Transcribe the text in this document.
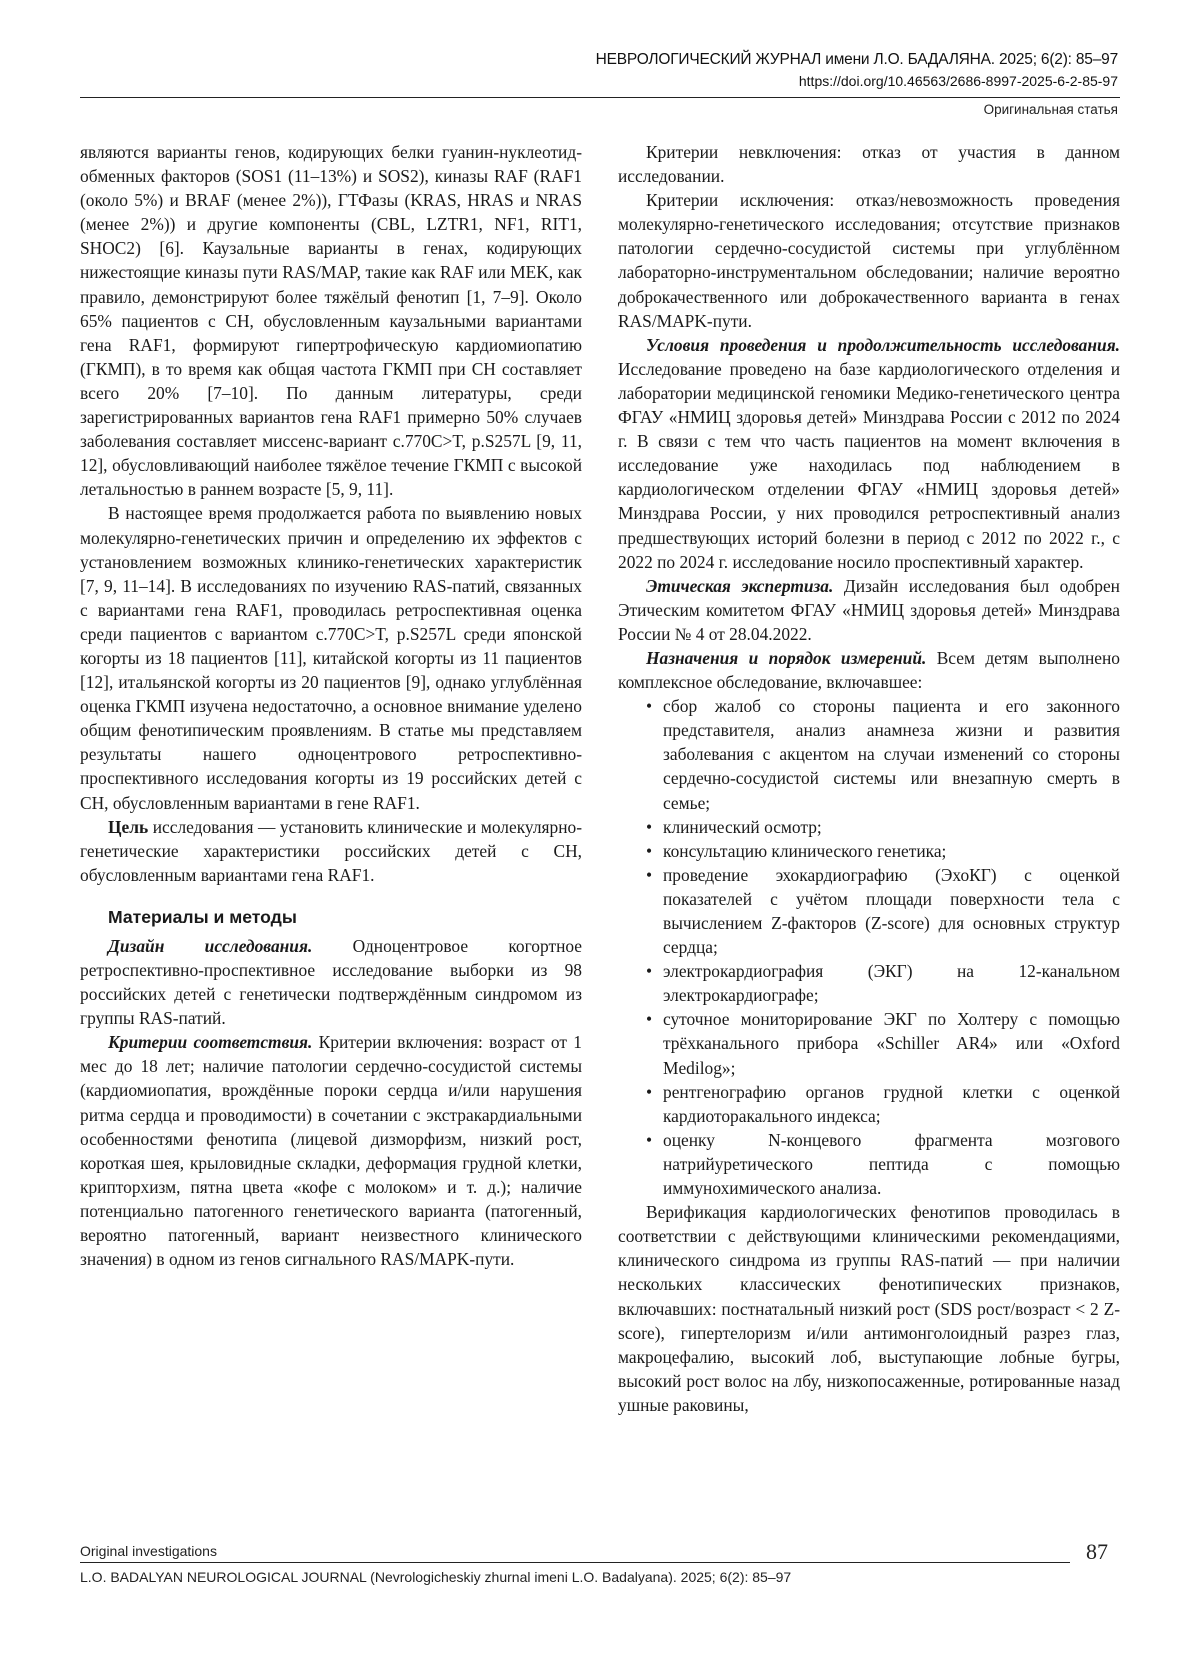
НЕВРОЛОГИЧЕСКИЙ ЖУРНАЛ имени Л.О. БАДАЛЯНА. 2025; 6(2): 85–97
https://doi.org/10.46563/2686-8997-2025-6-2-85-97
Оригинальная статья

являются варианты генов, кодирующих белки гуанин-нуклеотид-обменных факторов (SOS1 (11–13%) и SOS2), киназы RAF (RAF1 (около 5%) и BRAF (менее 2%)), ГТФазы (KRAS, HRAS и NRAS (менее 2%)) и другие компоненты (CBL, LZTR1, NF1, RIT1, SHOC2) [6]. Каузальные варианты в генах, кодирующих нижестоящие киназы пути RAS/MAP, такие как RAF или MEK, как правило, демонстрируют более тяжёлый фенотип [1, 7–9]. Около 65% пациентов с СН, обусловленным каузальными вариантами гена RAF1, формируют гипертрофическую кардиомиопатию (ГКМП), в то время как общая частота ГКМП при СН составляет всего 20% [7–10]. По данным литературы, среди зарегистрированных вариантов гена RAF1 примерно 50% случаев заболевания составляет миссенс-вариант c.770C>T, p.S257L [9, 11, 12], обусловливающий наиболее тяжёлое течение ГКМП с высокой летальностью в раннем возрасте [5, 9, 11].

В настоящее время продолжается работа по выявлению новых молекулярно-генетических причин и определению их эффектов с установлением возможных клинико-генетических характеристик [7, 9, 11–14]. В исследованиях по изучению RAS-патий, связанных с вариантами гена RAF1, проводилась ретроспективная оценка среди пациентов с вариантом c.770C>T, p.S257L среди японской когорты из 18 пациентов [11], китайской когорты из 11 пациентов [12], итальянской когорты из 20 пациентов [9], однако углублённая оценка ГКМП изучена недостаточно, а основное внимание уделено общим фенотипическим проявлениям. В статье мы представляем результаты нашего одноцентрового ретроспективно-проспективного исследования когорты из 19 российских детей с СН, обусловленным вариантами в гене RAF1.

Цель исследования — установить клинические и молекулярно-генетические характеристики российских детей с СН, обусловленным вариантами гена RAF1.

Материалы и методы

Дизайн исследования. Одноцентровое когортное ретроспективно-проспективное исследование выборки из 98 российских детей с генетически подтверждённым синдромом из группы RAS-патий.

Критерии соответствия. Критерии включения: возраст от 1 мес до 18 лет; наличие патологии сердечно-сосудистой системы (кардиомиопатия, врождённые пороки сердца и/или нарушения ритма сердца и проводимости) в сочетании с экстракардиальными особенностями фенотипа (лицевой дизморфизм, низкий рост, короткая шея, крыловидные складки, деформация грудной клетки, крипторхизм, пятна цвета «кофе с молоком» и т. д.); наличие потенциально патогенного генетического варианта (патогенный, вероятно патогенный, вариант неизвестного клинического значения) в одном из генов сигнального RAS/MAPK-пути.

Критерии невключения: отказ от участия в данном исследовании.

Критерии исключения: отказ/невозможность проведения молекулярно-генетического исследования; отсутствие признаков патологии сердечно-сосудистой системы при углублённом лабораторно-инструментальном обследовании; наличие вероятно доброкачественного или доброкачественного варианта в генах RAS/MAPK-пути.

Условия проведения и продолжительность исследования. Исследование проведено на базе кардиологического отделения и лаборатории медицинской геномики Медико-генетического центра ФГАУ «НМИЦ здоровья детей» Минздрава России с 2012 по 2024 г. В связи с тем что часть пациентов на момент включения в исследование уже находилась под наблюдением в кардиологическом отделении ФГАУ «НМИЦ здоровья детей» Минздрава России, у них проводился ретроспективный анализ предшествующих историй болезни в период с 2012 по 2022 г., с 2022 по 2024 г. исследование носило проспективный характер.

Этическая экспертиза. Дизайн исследования был одобрен Этическим комитетом ФГАУ «НМИЦ здоровья детей» Минздрава России № 4 от 28.04.2022.

Назначения и порядок измерений. Всем детям выполнено комплексное обследование, включавшее:

• сбор жалоб со стороны пациента и его законного представителя, анализ анамнеза жизни и развития заболевания с акцентом на случаи изменений со стороны сердечно-сосудистой системы или внезапную смерть в семье;
• клинический осмотр;
• консультацию клинического генетика;
• проведение эхокардиографию (ЭхоКГ) с оценкой показателей с учётом площади поверхности тела с вычислением Z-факторов (Z-score) для основных структур сердца;
• электрокардиография (ЭКГ) на 12-канальном электрокардиографе;
• суточное мониторирование ЭКГ по Холтеру с помощью трёхканального прибора «Schiller AR4» или «Oxford Medilog»;
• рентгенографию органов грудной клетки с оценкой кардиоторакального индекса;
• оценку N-концевого фрагмента мозгового натрийуретического пептида с помощью иммунохимического анализа.

Верификация кардиологических фенотипов проводилась в соответствии с действующими клиническими рекомендациями, клинического синдрома из группы RAS-патий — при наличии нескольких классических фенотипических признаков, включавших: постнатальный низкий рост (SDS рост/возраст < 2 Z-score), гипертелоризм и/или антимонголоидный разрез глаз, макроцефалию, высокий лоб, выступающие лобные бугры, высокий рост волос на лбу, низкопосаженные, ротированные назад ушные раковины,

Original investigations
L.O. BADALYAN NEUROLOGICAL JOURNAL (Nevrologicheskiy zhurnal imeni L.O. Badalyana). 2025; 6(2): 85–97
87
